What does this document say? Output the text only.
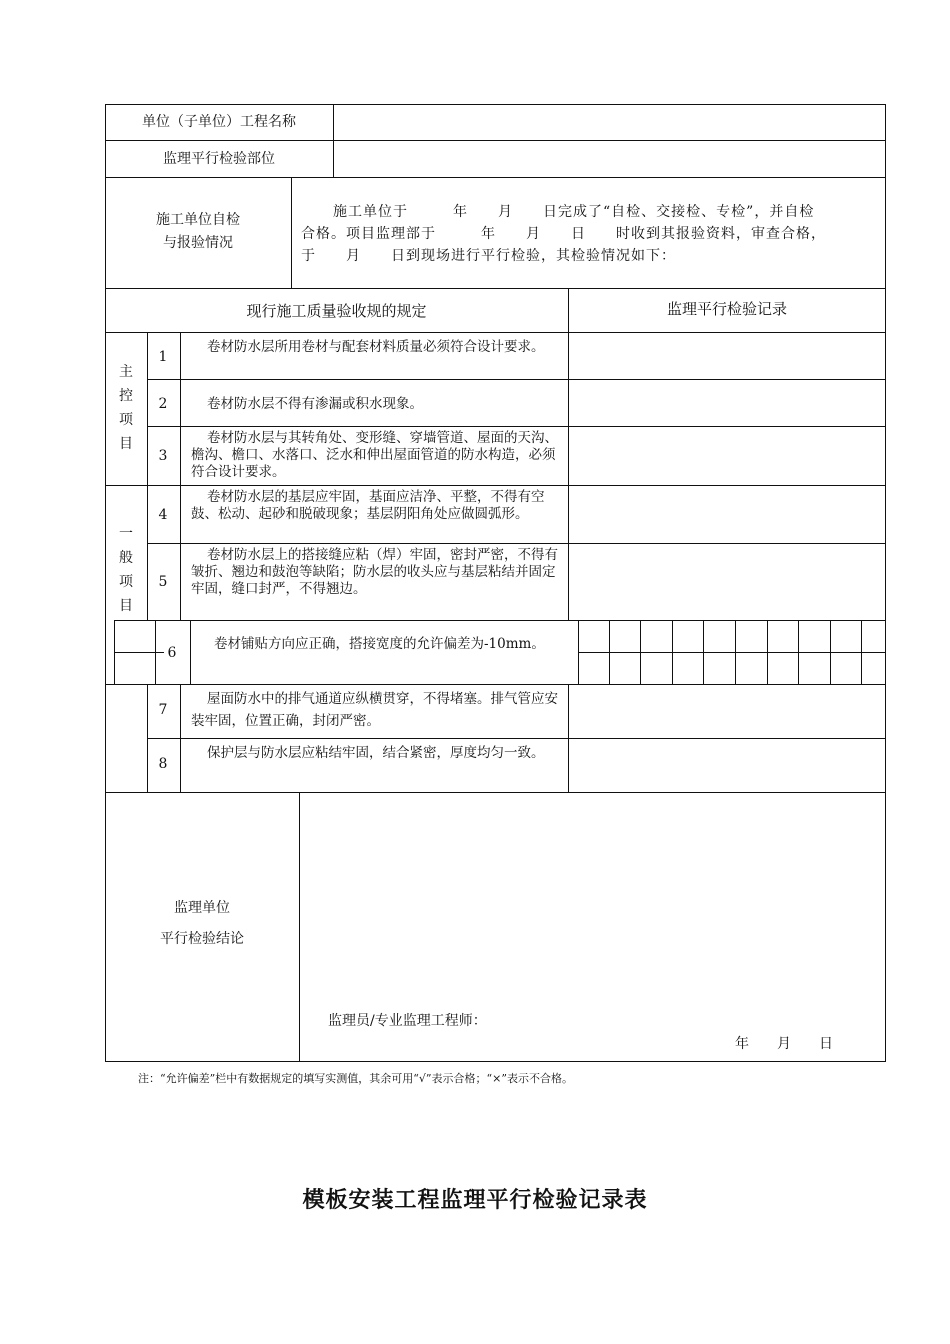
单位（子单位）工程名称
监理平行检验部位
施工单位自检
与报验情况
施工单位于　　　年　　月　　日完成了“自检、交接检、专检”，并自检
合格。项目监理部于　　　年　　月　　日　　时收到其报验资料，审查合格，
于　　月　　日到现场进行平行检验，其检验情况如下：
现行施工质量验收规的规定	监理平行检验记录
主控项目
一般项目
1
卷材防水层所用卷材与配套材料质量必须符合设计要求。
2	卷材防水层不得有渗漏或积水现象。
3
卷材防水层与其转角处、变形缝、穿墙管道、屋面的天沟、檐沟、檐口、水落口、泛水和伸出屋面管道的防水构造，必须符合设计要求。
4
卷材防水层的基层应牢固，基面应洁净、平整，不得有空鼓、松动、起砂和脱破现象；基层阴阳角处应做圆弧形。
5
卷材防水层上的搭接缝应粘（焊）牢固，密封严密，不得有皱折、翘边和鼓泡等缺陷；防水层的收头应与基层粘结并固定牢固，缝口封严，不得翘边。
6
卷材铺贴方向应正确，搭接宽度的允许偏差为-10mm。
7
屋面防水中的排气通道应纵横贯穿，不得堵塞。排气管应安装牢固，位置正确，封闭严密。
8
保护层与防水层应粘结牢固，结合紧密，厚度均匀一致。
监理单位
平行检验结论
监理员/专业监理工程师：
年　　月　　日
注：“允许偏差”栏中有数据规定的填写实测值，其余可用“√”表示合格；“×”表示不合格。
模板安装工程监理平行检验记录表
